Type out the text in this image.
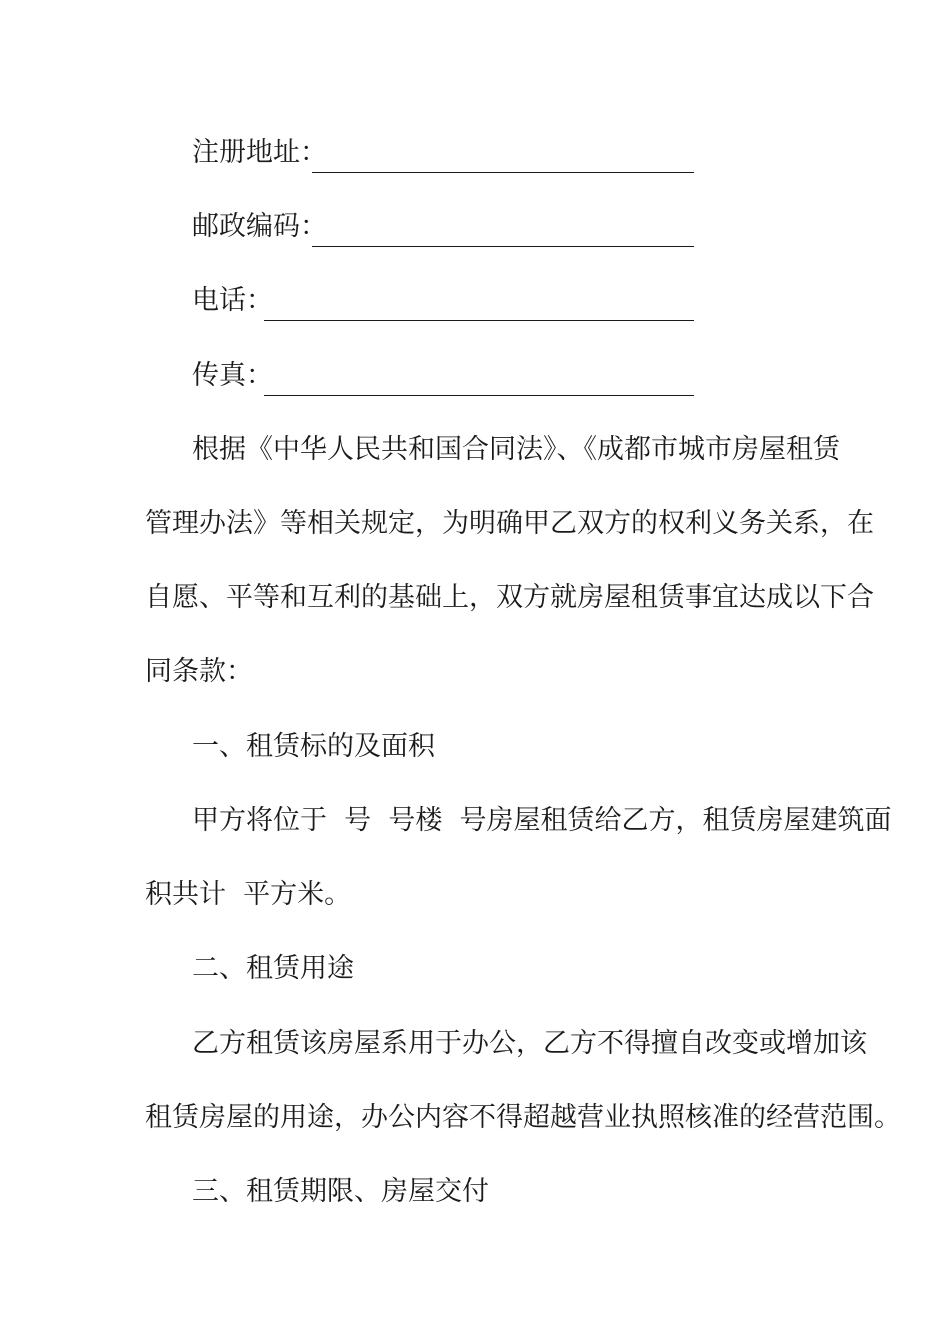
注册地址：
邮政编码：
电话：
传真：
根据《中华人民共和国合同法》、《成都市城市房屋租赁
管理办法》等相关规定，为明确甲乙双方的权利义务关系，在
自愿、平等和互利的基础上，双方就房屋租赁事宜达成以下合
同条款：
一、租赁标的及面积
甲方将位于  号  号楼  号房屋租赁给乙方，租赁房屋建筑面
积共计  平方米。
二、租赁用途
乙方租赁该房屋系用于办公，乙方不得擅自改变或增加该
租赁房屋的用途，办公内容不得超越营业执照核准的经营范围。
三、租赁期限、房屋交付
